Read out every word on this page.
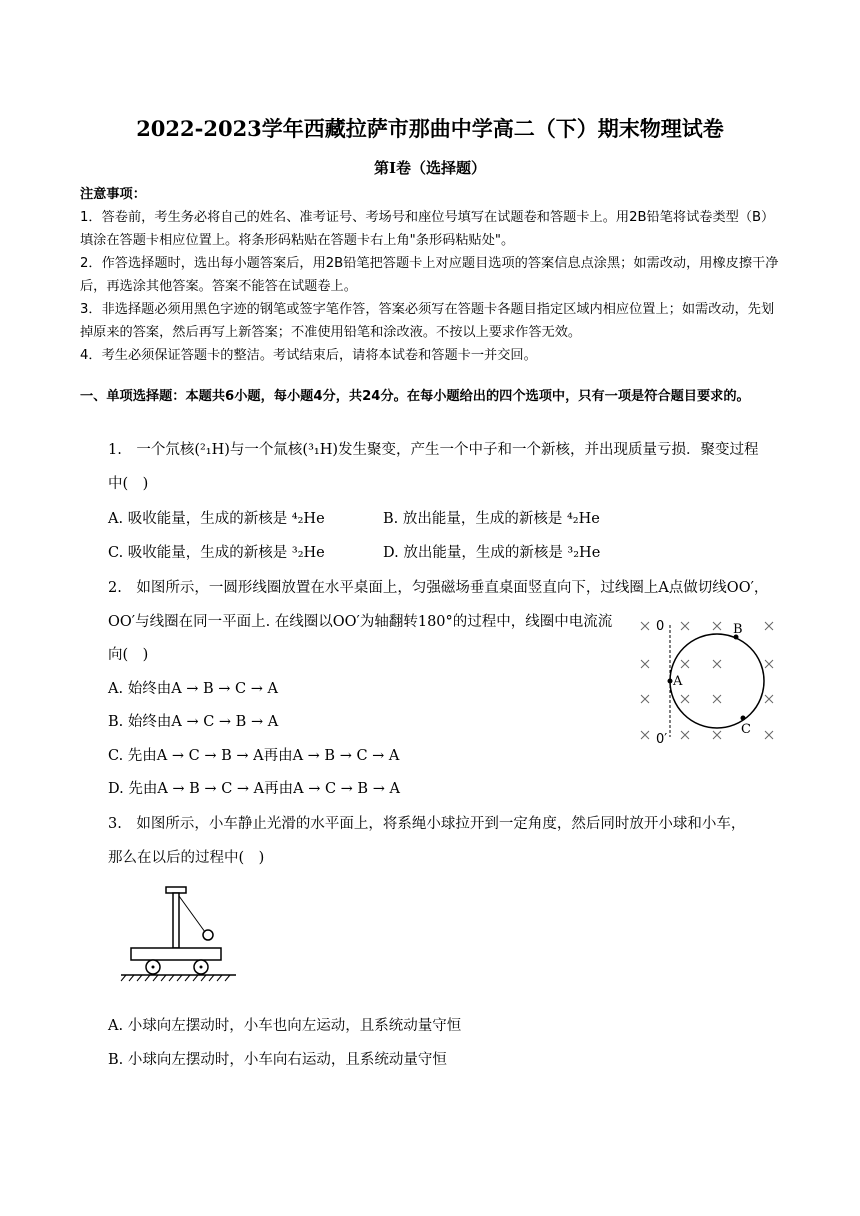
2022-2023学年西藏拉萨市那曲中学高二（下）期末物理试卷
第I卷（选择题）

注意事项：

1．答卷前，考生务必将自己的姓名、准考证号、考场号和座位号填写在试题卷和答题卡上。用2B铅笔将试卷类型（B）填涂在答题卡相应位置上。将条形码粘贴在答题卡右上角"条形码粘贴处"。

2．作答选择题时，选出每小题答案后，用2B铅笔把答题卡上对应题目选项的答案信息点涂黑；如需改动，用橡皮擦干净后，再选涂其他答案。答案不能答在试题卷上。

3．非选择题必须用黑色字迹的钢笔或签字笔作答，答案必须写在答题卡各题目指定区域内相应位置上；如需改动，先划掉原来的答案，然后再写上新答案；不准使用铅笔和涂改液。不按以上要求作答无效。

4．考生必须保证答题卡的整洁。考试结束后，请将本试卷和答题卡一并交回。

一、单项选择题：本题共6小题，每小题4分，共24分。在每小题给出的四个选项中，只有一项是符合题目要求的。
1.　一个氘核(²₁H)与一个氚核(³₁H)发生聚变，产生一个中子和一个新核，并出现质量亏损．聚变过程
中(　)
A. 吸收能量，生成的新核是 ⁴₂He	B. 放出能量，生成的新核是 ⁴₂He
C. 吸收能量，生成的新核是 ³₂He	D. 放出能量，生成的新核是 ³₂He
2.　如图所示，一圆形线圈放置在水平桌面上，匀强磁场垂直桌面竖直向下，过线圈上A点做切线OO′，
OO′与线圈在同一平面上. 在线圈以OO′为轴翻转180°的过程中，线圈中电流流
向(　)
A. 始终由A → B → C → A
B. 始终由A → C → B → A
C. 先由A → C → B → A再由A → B → C → A
D. 先由A → B → C → A再由A → C → B → A
0
0′
A
B
C
3.　如图所示，小车静止光滑的水平面上，将系绳小球拉开到一定角度，然后同时放开小球和小车，
那么在以后的过程中(　)
A. 小球向左摆动时，小车也向左运动，且系统动量守恒
B. 小球向左摆动时，小车向右运动，且系统动量守恒
